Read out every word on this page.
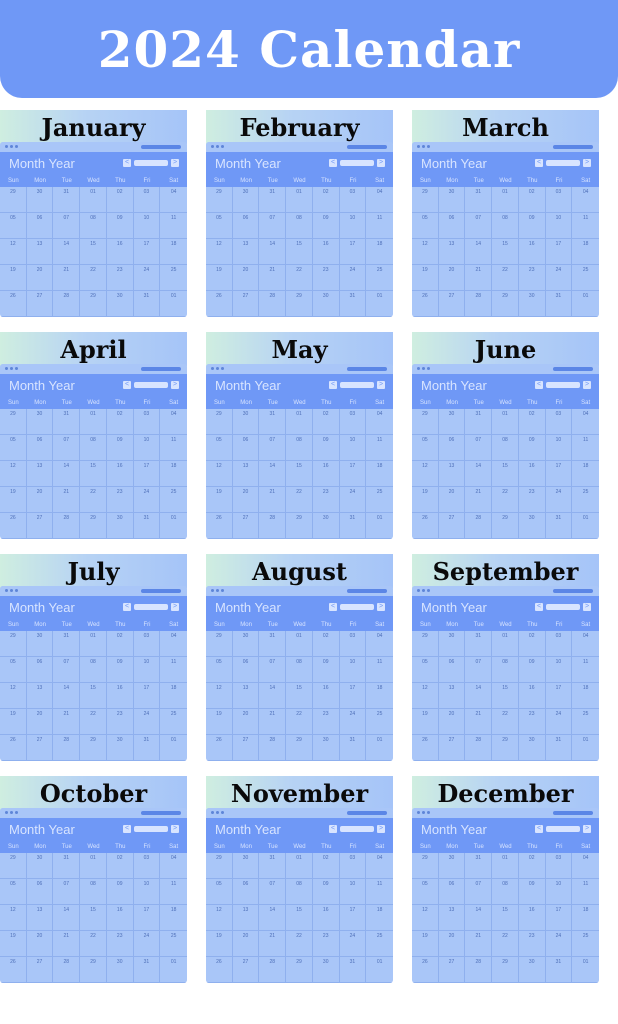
2024 Calendar
January
Month Year	<	>
Sun	Mon	Tue	Wed	Thu	Fri	Sat
29	30	31	01	02	03	04
05	06	07	08	09	10	11
12	13	14	15	16	17	18
19	20	21	22	23	24	25
26	27	28	29	30	31	01
February
Month Year	<	>
Sun	Mon	Tue	Wed	Thu	Fri	Sat
29	30	31	01	02	03	04
05	06	07	08	09	10	11
12	13	14	15	16	17	18
19	20	21	22	23	24	25
26	27	28	29	30	31	01
March
Month Year	<	>
Sun	Mon	Tue	Wed	Thu	Fri	Sat
29	30	31	01	02	03	04
05	06	07	08	09	10	11
12	13	14	15	16	17	18
19	20	21	22	23	24	25
26	27	28	29	30	31	01
April
Month Year	<	>
Sun	Mon	Tue	Wed	Thu	Fri	Sat
29	30	31	01	02	03	04
05	06	07	08	09	10	11
12	13	14	15	16	17	18
19	20	21	22	23	24	25
26	27	28	29	30	31	01
May
Month Year	<	>
Sun	Mon	Tue	Wed	Thu	Fri	Sat
29	30	31	01	02	03	04
05	06	07	08	09	10	11
12	13	14	15	16	17	18
19	20	21	22	23	24	25
26	27	28	29	30	31	01
June
Month Year	<	>
Sun	Mon	Tue	Wed	Thu	Fri	Sat
29	30	31	01	02	03	04
05	06	07	08	09	10	11
12	13	14	15	16	17	18
19	20	21	22	23	24	25
26	27	28	29	30	31	01
July
Month Year	<	>
Sun	Mon	Tue	Wed	Thu	Fri	Sat
29	30	31	01	02	03	04
05	06	07	08	09	10	11
12	13	14	15	16	17	18
19	20	21	22	23	24	25
26	27	28	29	30	31	01
August
Month Year	<	>
Sun	Mon	Tue	Wed	Thu	Fri	Sat
29	30	31	01	02	03	04
05	06	07	08	09	10	11
12	13	14	15	16	17	18
19	20	21	22	23	24	25
26	27	28	29	30	31	01
September
Month Year	<	>
Sun	Mon	Tue	Wed	Thu	Fri	Sat
29	30	31	01	02	03	04
05	06	07	08	09	10	11
12	13	14	15	16	17	18
19	20	21	22	23	24	25
26	27	28	29	30	31	01
October
Month Year	<	>
Sun	Mon	Tue	Wed	Thu	Fri	Sat
29	30	31	01	02	03	04
05	06	07	08	09	10	11
12	13	14	15	16	17	18
19	20	21	22	23	24	25
26	27	28	29	30	31	01
November
Month Year	<	>
Sun	Mon	Tue	Wed	Thu	Fri	Sat
29	30	31	01	02	03	04
05	06	07	08	09	10	11
12	13	14	15	16	17	18
19	20	21	22	23	24	25
26	27	28	29	30	31	01
December
Month Year	<	>
Sun	Mon	Tue	Wed	Thu	Fri	Sat
29	30	31	01	02	03	04
05	06	07	08	09	10	11
12	13	14	15	16	17	18
19	20	21	22	23	24	25
26	27	28	29	30	31	01
